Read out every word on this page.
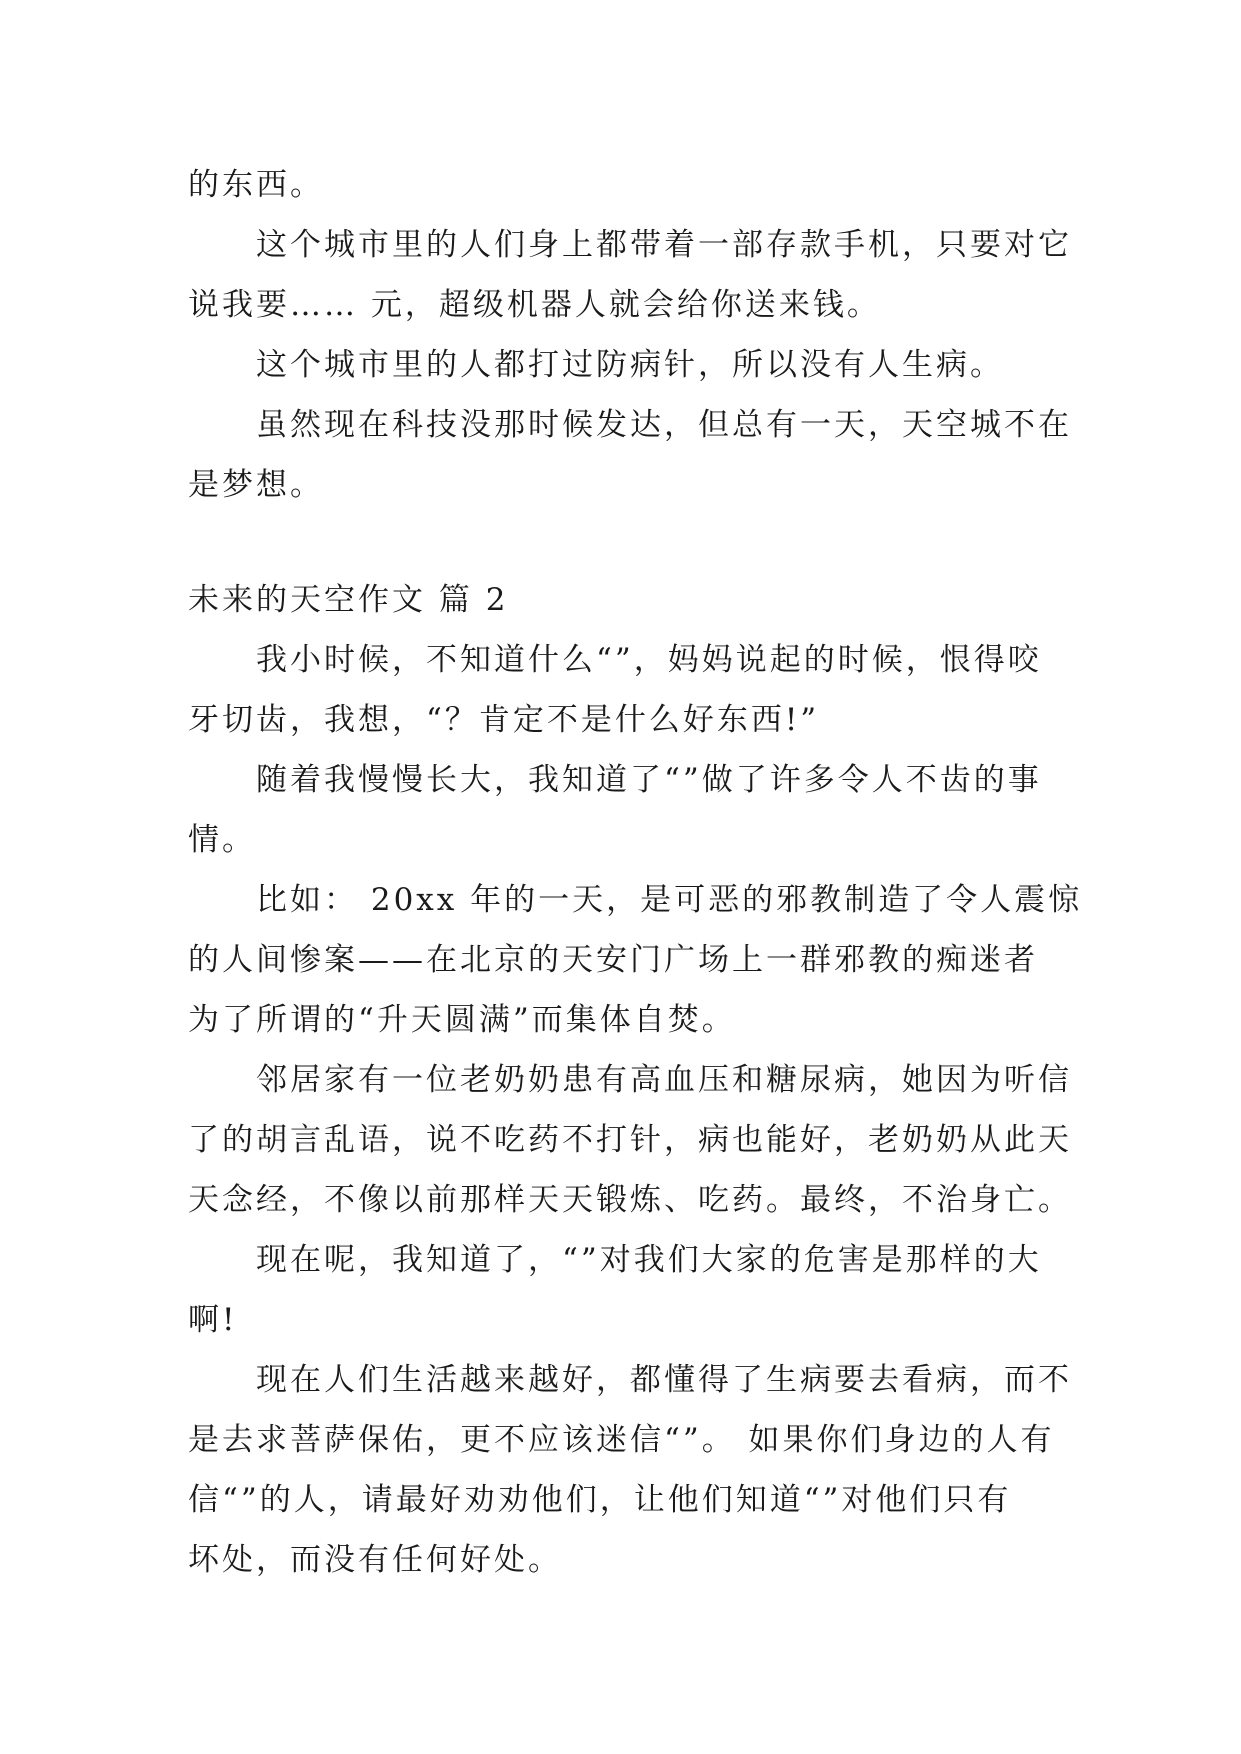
的东西。
这个城市里的人们身上都带着一部存款手机，只要对它
说我要…… 元，超级机器人就会给你送来钱。
这个城市里的人都打过防病针，所以没有人生病。
虽然现在科技没那时候发达，但总有一天，天空城不在
是梦想。
未来的天空作文 篇 2
我小时候，不知道什么“”，妈妈说起的时候，恨得咬
牙切齿，我想，“？肯定不是什么好东西!”
随着我慢慢长大，我知道了“”做了许多令人不齿的事
情。
比如： 20xx 年的一天，是可恶的邪教制造了令人震惊
的人间惨案——在北京的天安门广场上一群邪教的痴迷者
为了所谓的“升天圆满”而集体自焚。
邻居家有一位老奶奶患有高血压和糖尿病，她因为听信
了的胡言乱语，说不吃药不打针，病也能好，老奶奶从此天
天念经，不像以前那样天天锻炼、吃药。最终，不治身亡。
现在呢，我知道了，“”对我们大家的危害是那样的大
啊!
现在人们生活越来越好，都懂得了生病要去看病，而不
是去求菩萨保佑，更不应该迷信“”。 如果你们身边的人有
信“”的人，请最好劝劝他们，让他们知道“”对他们只有
坏处，而没有任何好处。
